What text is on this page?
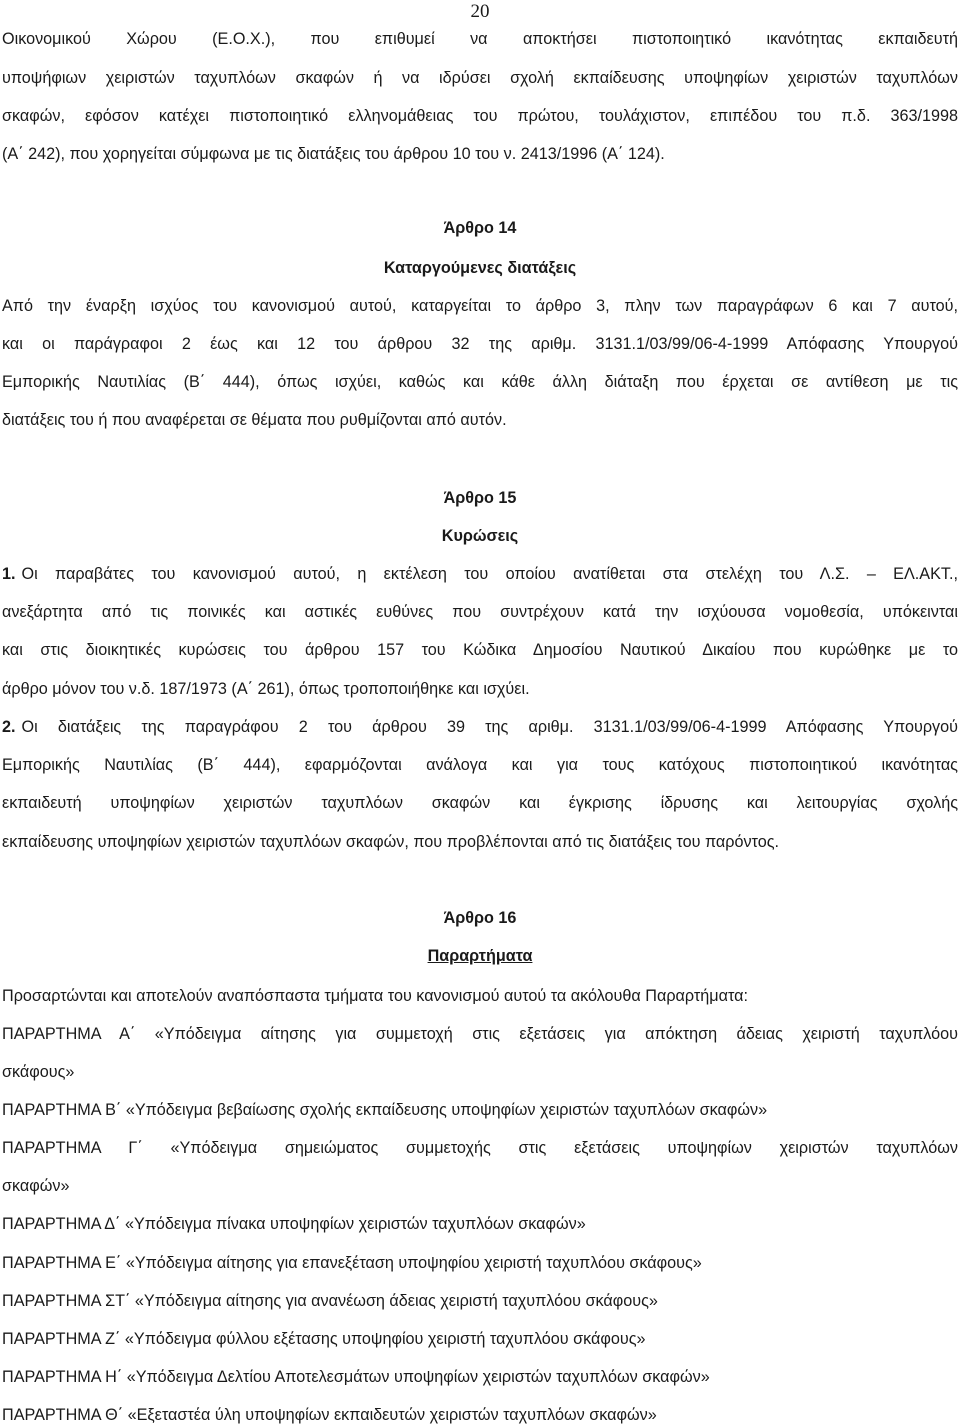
20
Οικονομικού Χώρου (Ε.Ο.Χ.), που επιθυμεί να αποκτήσει πιστοποιητικό ικανότητας εκπαιδευτή
υποψήφιων χειριστών ταχυπλόων σκαφών ή να ιδρύσει σχολή εκπαίδευσης υποψηφίων χειριστών ταχυπλόων
σκαφών, εφόσον κατέχει πιστοποιητικό ελληνομάθειας του πρώτου, τουλάχιστον, επιπέδου του π.δ. 363/1998
(Α΄ 242), που χορηγείται σύμφωνα με τις διατάξεις του άρθρου 10 του ν. 2413/1996 (Α΄ 124).
Άρθρο 14
Καταργούμενες διατάξεις
Από την έναρξη ισχύος του κανονισμού αυτού, καταργείται το άρθρο 3, πλην των παραγράφων 6 και 7 αυτού,
και οι παράγραφοι 2 έως και 12 του άρθρου 32 της αριθμ. 3131.1/03/99/06-4-1999 Απόφασης Υπουργού
Εμπορικής Ναυτιλίας (Β΄ 444), όπως ισχύει, καθώς και κάθε άλλη διάταξη που έρχεται σε αντίθεση με τις
διατάξεις του ή που αναφέρεται σε θέματα που ρυθμίζονται από αυτόν.
Άρθρο 15
Κυρώσεις
1. Οι παραβάτες του κανονισμού αυτού, η εκτέλεση του οποίου ανατίθεται στα στελέχη του Λ.Σ. – ΕΛ.ΑΚΤ.,
ανεξάρτητα από τις ποινικές και αστικές ευθύνες που συντρέχουν κατά την ισχύουσα νομοθεσία, υπόκεινται
και στις διοικητικές κυρώσεις του άρθρου 157 του Κώδικα Δημοσίου Ναυτικού Δικαίου που κυρώθηκε με το
άρθρο μόνον του ν.δ. 187/1973 (Α΄ 261), όπως τροποποιήθηκε και ισχύει.
2. Οι διατάξεις της παραγράφου 2 του άρθρου 39 της αριθμ. 3131.1/03/99/06-4-1999 Απόφασης Υπουργού
Εμπορικής Ναυτιλίας (Β΄ 444), εφαρμόζονται ανάλογα και για τους κατόχους πιστοποιητικού ικανότητας
εκπαιδευτή υποψηφίων χειριστών ταχυπλόων σκαφών και έγκρισης ίδρυσης και λειτουργίας σχολής
εκπαίδευσης υποψηφίων χειριστών ταχυπλόων σκαφών, που προβλέπονται από τις διατάξεις του παρόντος.
Άρθρο 16
Παραρτήματα
Προσαρτώνται και αποτελούν αναπόσπαστα τμήματα του κανονισμού αυτού τα ακόλουθα Παραρτήματα:
ΠΑΡΑΡΤΗΜΑ Α΄ «Υπόδειγμα αίτησης για συμμετοχή στις εξετάσεις για απόκτηση άδειας χειριστή ταχυπλόου
σκάφους»
ΠΑΡΑΡΤΗΜΑ Β΄ «Υπόδειγμα βεβαίωσης σχολής εκπαίδευσης υποψηφίων χειριστών ταχυπλόων σκαφών»
ΠΑΡΑΡΤΗΜΑ Γ΄ «Υπόδειγμα σημειώματος συμμετοχής στις εξετάσεις υποψηφίων χειριστών ταχυπλόων
σκαφών»
ΠΑΡΑΡΤΗΜΑ Δ΄ «Υπόδειγμα πίνακα υποψηφίων χειριστών ταχυπλόων σκαφών»
ΠΑΡΑΡΤΗΜΑ Ε΄ «Υπόδειγμα αίτησης για επανεξέταση υποψηφίου χειριστή ταχυπλόου σκάφους»
ΠΑΡΑΡΤΗΜΑ ΣΤ΄ «Υπόδειγμα αίτησης για ανανέωση άδειας χειριστή ταχυπλόου σκάφους»
ΠΑΡΑΡΤΗΜΑ Ζ΄ «Υπόδειγμα φύλλου εξέτασης υποψηφίου χειριστή ταχυπλόου σκάφους»
ΠΑΡΑΡΤΗΜΑ Η΄ «Υπόδειγμα Δελτίου Αποτελεσμάτων υποψηφίων χειριστών ταχυπλόων σκαφών»
ΠΑΡΑΡΤΗΜΑ Θ΄ «Εξεταστέα ύλη υποψηφίων εκπαιδευτών χειριστών ταχυπλόων σκαφών»
